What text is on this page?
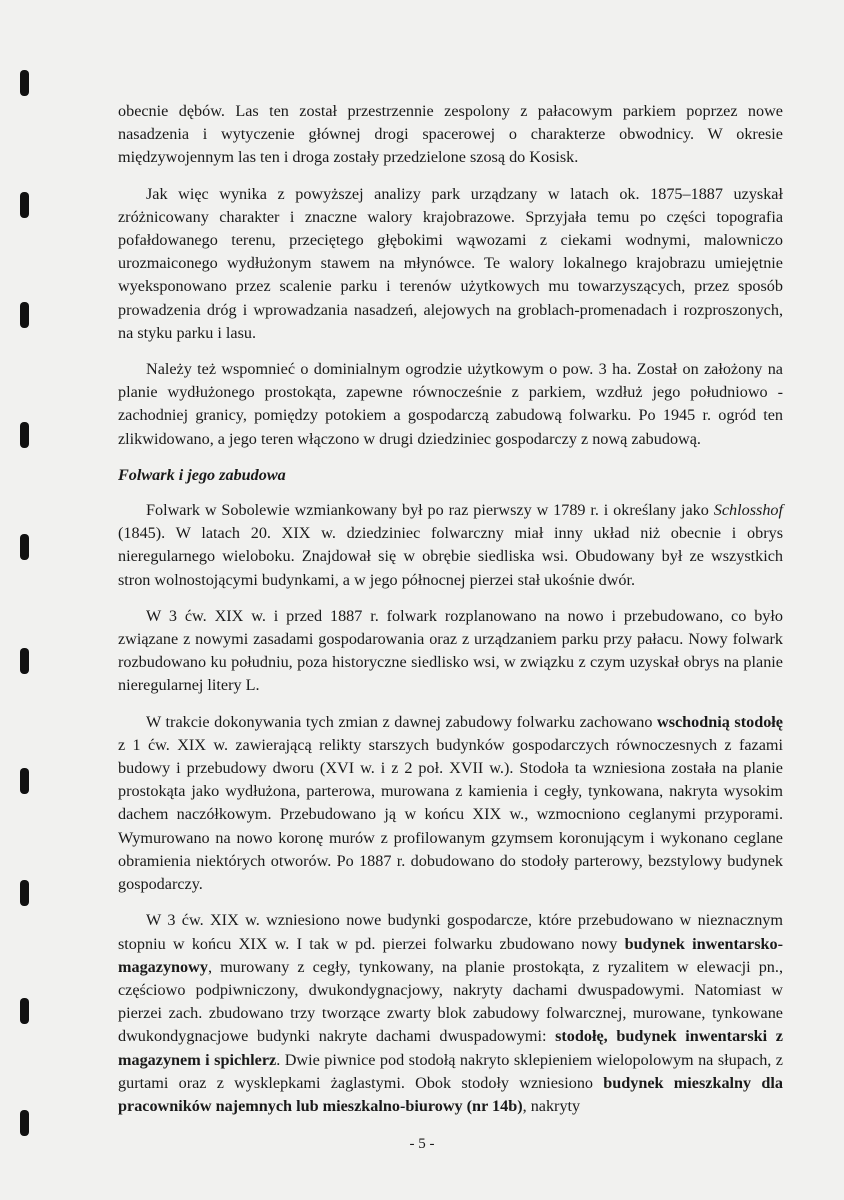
obecnie dębów. Las ten został przestrzennie zespolony z pałacowym parkiem poprzez nowe nasadzenia i wytyczenie głównej drogi spacerowej o charakterze obwodnicy. W okresie międzywojennym las ten i droga zostały przedzielone szosą do Kosisk.

Jak więc wynika z powyższej analizy park urządzany w latach ok. 1875–1887 uzyskał zróżnicowany charakter i znaczne walory krajobrazowe. Sprzyjała temu po części topografia pofałdowanego terenu, przeciętego głębokimi wąwozami z ciekami wodnymi, malowniczo urozmaiconego wydłużonym stawem na młynówce. Te walory lokalnego krajobrazu umiejętnie wyeksponowano przez scalenie parku i terenów użytkowych mu towarzyszących, przez sposób prowadzenia dróg i wprowadzania nasadzeń, alejowych na groblach-promenadach i rozproszonych, na styku parku i lasu.

Należy też wspomnieć o dominialnym ogrodzie użytkowym o pow. 3 ha. Został on założony na planie wydłużonego prostokąta, zapewne równocześnie z parkiem, wzdłuż jego południowo - zachodniej granicy, pomiędzy potokiem a gospodarczą zabudową folwarku. Po 1945 r. ogród ten zlikwidowano, a jego teren włączono w drugi dziedziniec gospodarczy z nową zabudową.

Folwark i jego zabudowa

Folwark w Sobolewie wzmiankowany był po raz pierwszy w 1789 r. i określany jako Schlosshof (1845). W latach 20. XIX w. dziedziniec folwarczny miał inny układ niż obecnie i obrys nieregularnego wieloboku. Znajdował się w obrębie siedliska wsi. Obudowany był ze wszystkich stron wolnostojącymi budynkami, a w jego północnej pierzei stał ukośnie dwór.

W 3 ćw. XIX w. i przed 1887 r. folwark rozplanowano na nowo i przebudowano, co było związane z nowymi zasadami gospodarowania oraz z urządzaniem parku przy pałacu. Nowy folwark rozbudowano ku południu, poza historyczne siedlisko wsi, w związku z czym uzyskał obrys na planie nieregularnej litery L.

W trakcie dokonywania tych zmian z dawnej zabudowy folwarku zachowano wschodnią stodołę z 1 ćw. XIX w. zawierającą relikty starszych budynków gospodarczych równoczesnych z fazami budowy i przebudowy dworu (XVI w. i z 2 poł. XVII w.). Stodoła ta wzniesiona została na planie prostokąta jako wydłużona, parterowa, murowana z kamienia i cegły, tynkowana, nakryta wysokim dachem naczółkowym. Przebudowano ją w końcu XIX w., wzmocniono ceglanymi przyporami. Wymurowano na nowo koronę murów z profilowanym gzymsem koronującym i wykonano ceglane obramienia niektórych otworów. Po 1887 r. dobudowano do stodoły parterowy, bezstylowy budynek gospodarczy.

W 3 ćw. XIX w. wzniesiono nowe budynki gospodarcze, które przebudowano w nieznacznym stopniu w końcu XIX w. I tak w pd. pierzei folwarku zbudowano nowy budynek inwentarsko-magazynowy, murowany z cegły, tynkowany, na planie prostokąta, z ryzalitem w elewacji pn., częściowo podpiwniczony, dwukondygnacjowy, nakryty dachami dwuspadowymi. Natomiast w pierzei zach. zbudowano trzy tworzące zwarty blok zabudowy folwarcznej, murowane, tynkowane dwukondygnacjowe budynki nakryte dachami dwuspadowymi: stodołę, budynek inwentarski z magazynem i spichlerz. Dwie piwnice pod stodołą nakryto sklepieniem wielopolowym na słupach, z gurtami oraz z wysklepkami żaglastymi. Obok stodoły wzniesiono budynek mieszkalny dla pracowników najemnych lub mieszkalno-biurowy (nr 14b), nakryty

- 5 -
